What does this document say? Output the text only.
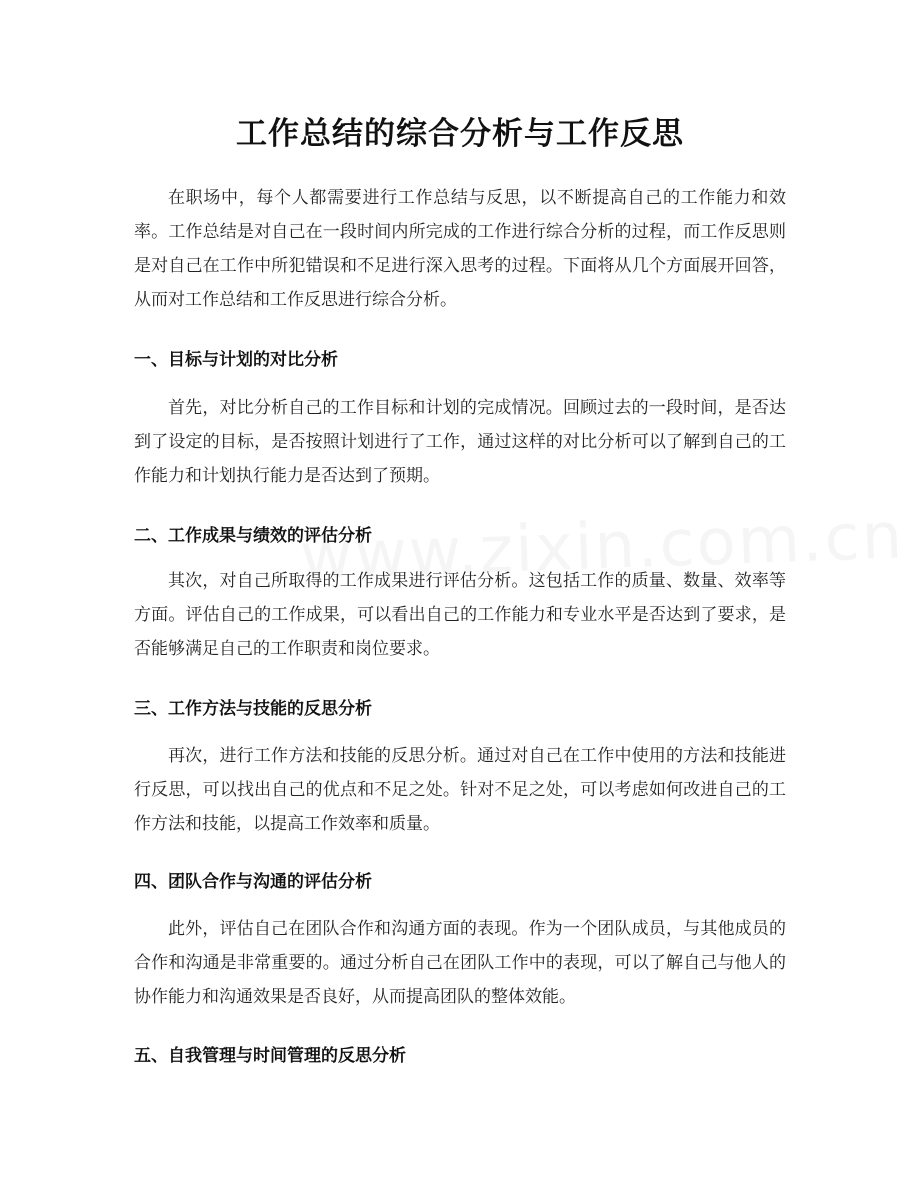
工作总结的综合分析与工作反思
在职场中，每个人都需要进行工作总结与反思，以不断提高自己的工作能力和效率。工作总结是对自己在一段时间内所完成的工作进行综合分析的过程，而工作反思则是对自己在工作中所犯错误和不足进行深入思考的过程。下面将从几个方面展开回答，从而对工作总结和工作反思进行综合分析。
一、目标与计划的对比分析
首先，对比分析自己的工作目标和计划的完成情况。回顾过去的一段时间，是否达到了设定的目标，是否按照计划进行了工作，通过这样的对比分析可以了解到自己的工作能力和计划执行能力是否达到了预期。
二、工作成果与绩效的评估分析
其次，对自己所取得的工作成果进行评估分析。这包括工作的质量、数量、效率等方面。评估自己的工作成果，可以看出自己的工作能力和专业水平是否达到了要求，是否能够满足自己的工作职责和岗位要求。
三、工作方法与技能的反思分析
再次，进行工作方法和技能的反思分析。通过对自己在工作中使用的方法和技能进行反思，可以找出自己的优点和不足之处。针对不足之处，可以考虑如何改进自己的工作方法和技能，以提高工作效率和质量。
四、团队合作与沟通的评估分析
此外，评估自己在团队合作和沟通方面的表现。作为一个团队成员，与其他成员的合作和沟通是非常重要的。通过分析自己在团队工作中的表现，可以了解自己与他人的协作能力和沟通效果是否良好，从而提高团队的整体效能。
五、自我管理与时间管理的反思分析
